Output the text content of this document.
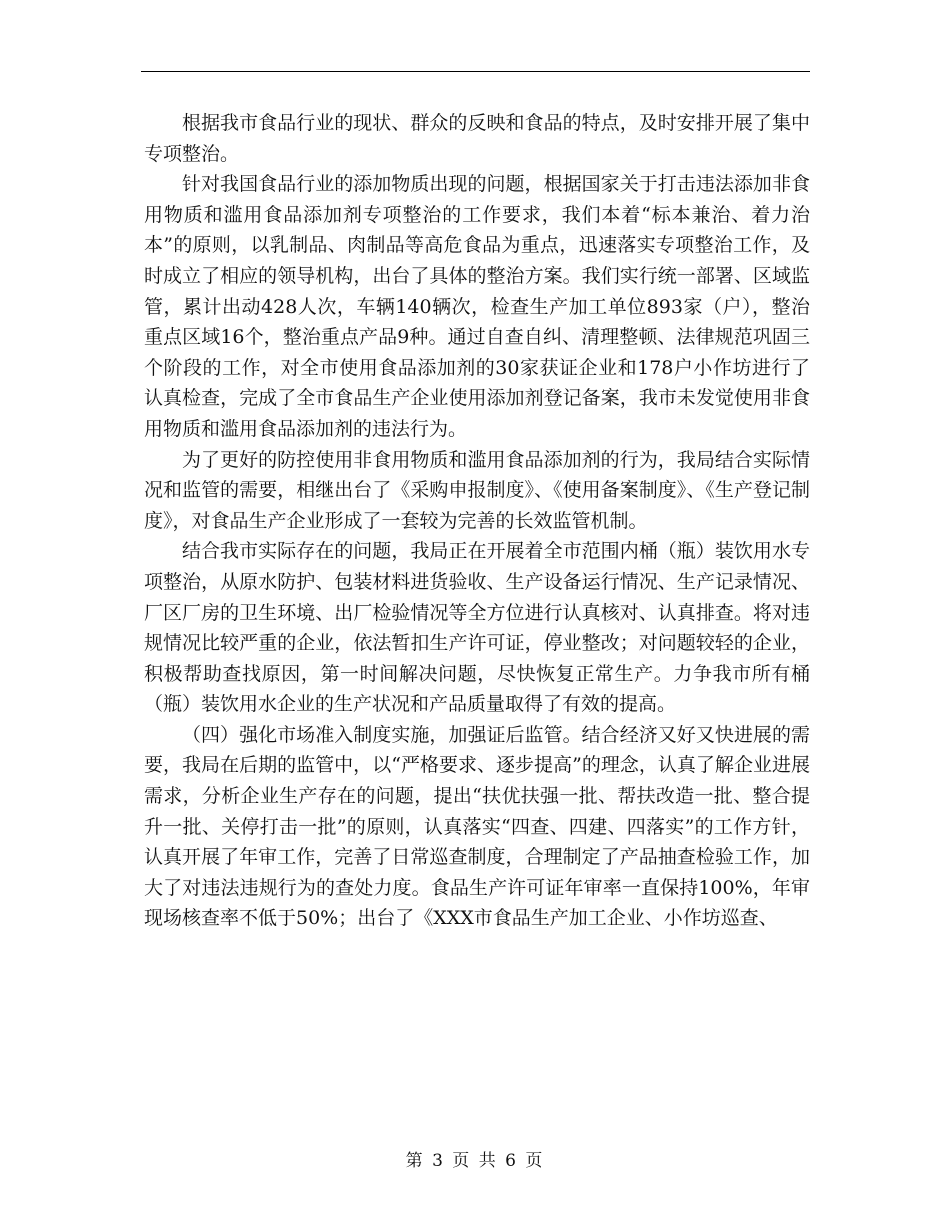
根据我市食品行业的现状、群众的反映和食品的特点，及时安排开展了集中专项整治。

针对我国食品行业的添加物质出现的问题，根据国家关于打击违法添加非食用物质和滥用食品添加剂专项整治的工作要求，我们本着“标本兼治、着力治本”的原则，以乳制品、肉制品等高危食品为重点，迅速落实专项整治工作，及时成立了相应的领导机构，出台了具体的整治方案。我们实行统一部署、区域监管，累计出动428人次，车辆140辆次，检查生产加工单位893家（户），整治重点区域16个，整治重点产品9种。通过自查自纠、清理整顿、法律规范巩固三个阶段的工作，对全市使用食品添加剂的30家获证企业和178户小作坊进行了认真检查，完成了全市食品生产企业使用添加剂登记备案，我市未发觉使用非食用物质和滥用食品添加剂的违法行为。

为了更好的防控使用非食用物质和滥用食品添加剂的行为，我局结合实际情况和监管的需要，相继出台了《采购申报制度》、《使用备案制度》、《生产登记制度》，对食品生产企业形成了一套较为完善的长效监管机制。

结合我市实际存在的问题，我局正在开展着全市范围内桶（瓶）装饮用水专项整治，从原水防护、包装材料进货验收、生产设备运行情况、生产记录情况、厂区厂房的卫生环境、出厂检验情况等全方位进行认真核对、认真排查。将对违规情况比较严重的企业，依法暂扣生产许可证，停业整改；对问题较轻的企业，积极帮助查找原因，第一时间解决问题，尽快恢复正常生产。力争我市所有桶（瓶）装饮用水企业的生产状况和产品质量取得了有效的提高。

（四）强化市场准入制度实施，加强证后监管。结合经济又好又快进展的需要，我局在后期的监管中，以“严格要求、逐步提高”的理念，认真了解企业进展需求，分析企业生产存在的问题，提出“扶优扶强一批、帮扶改造一批、整合提升一批、关停打击一批”的原则，认真落实“四查、四建、四落实”的工作方针，认真开展了年审工作，完善了日常巡查制度，合理制定了产品抽查检验工作，加大了对违法违规行为的查处力度。食品生产许可证年审率一直保持100%，年审现场核查率不低于50%；出台了《XXX市食品生产加工企业、小作坊巡查、

第 3 页 共 6 页
